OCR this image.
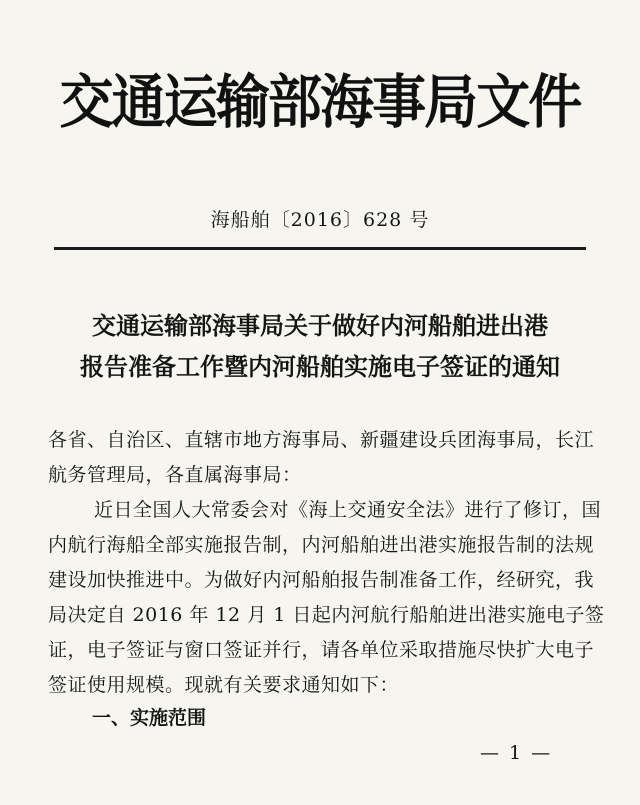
交通运输部海事局文件
海船舶〔2016〕628 号
交通运输部海事局关于做好内河船舶进出港
报告准备工作暨内河船舶实施电子签证的通知
各省、自治区、直辖市地方海事局、新疆建设兵团海事局，长江
航务管理局，各直属海事局：
近日全国人大常委会对《海上交通安全法》进行了修订，国
内航行海船全部实施报告制，内河船舶进出港实施报告制的法规
建设加快推进中。为做好内河船舶报告制准备工作，经研究，我
局决定自 2016 年 12 月 1 日起内河航行船舶进出港实施电子签
证，电子签证与窗口签证并行，请各单位采取措施尽快扩大电子
签证使用规模。现就有关要求通知如下：
一、实施范围
— 1 —
